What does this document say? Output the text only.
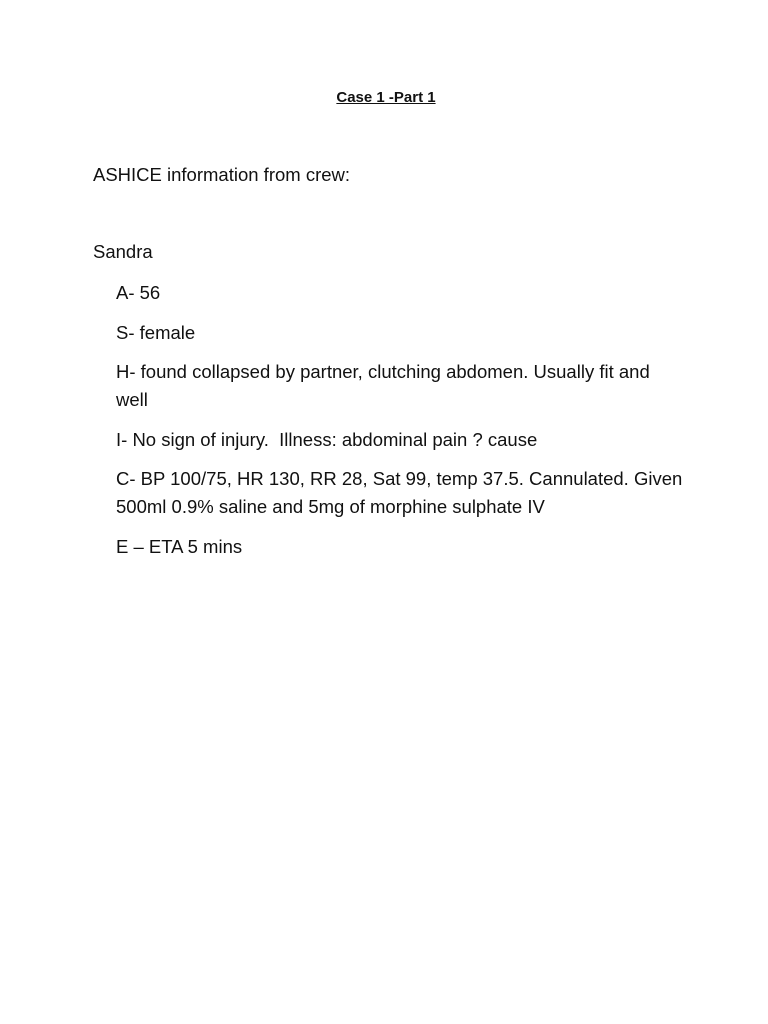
Case 1 -Part 1
ASHICE information from crew:
Sandra

A- 56

S- female

H- found collapsed by partner, clutching abdomen. Usually fit and well

I- No sign of injury.  Illness: abdominal pain ? cause

C- BP 100/75, HR 130, RR 28, Sat 99, temp 37.5. Cannulated. Given 500ml 0.9% saline and 5mg of morphine sulphate IV

E – ETA 5 mins
